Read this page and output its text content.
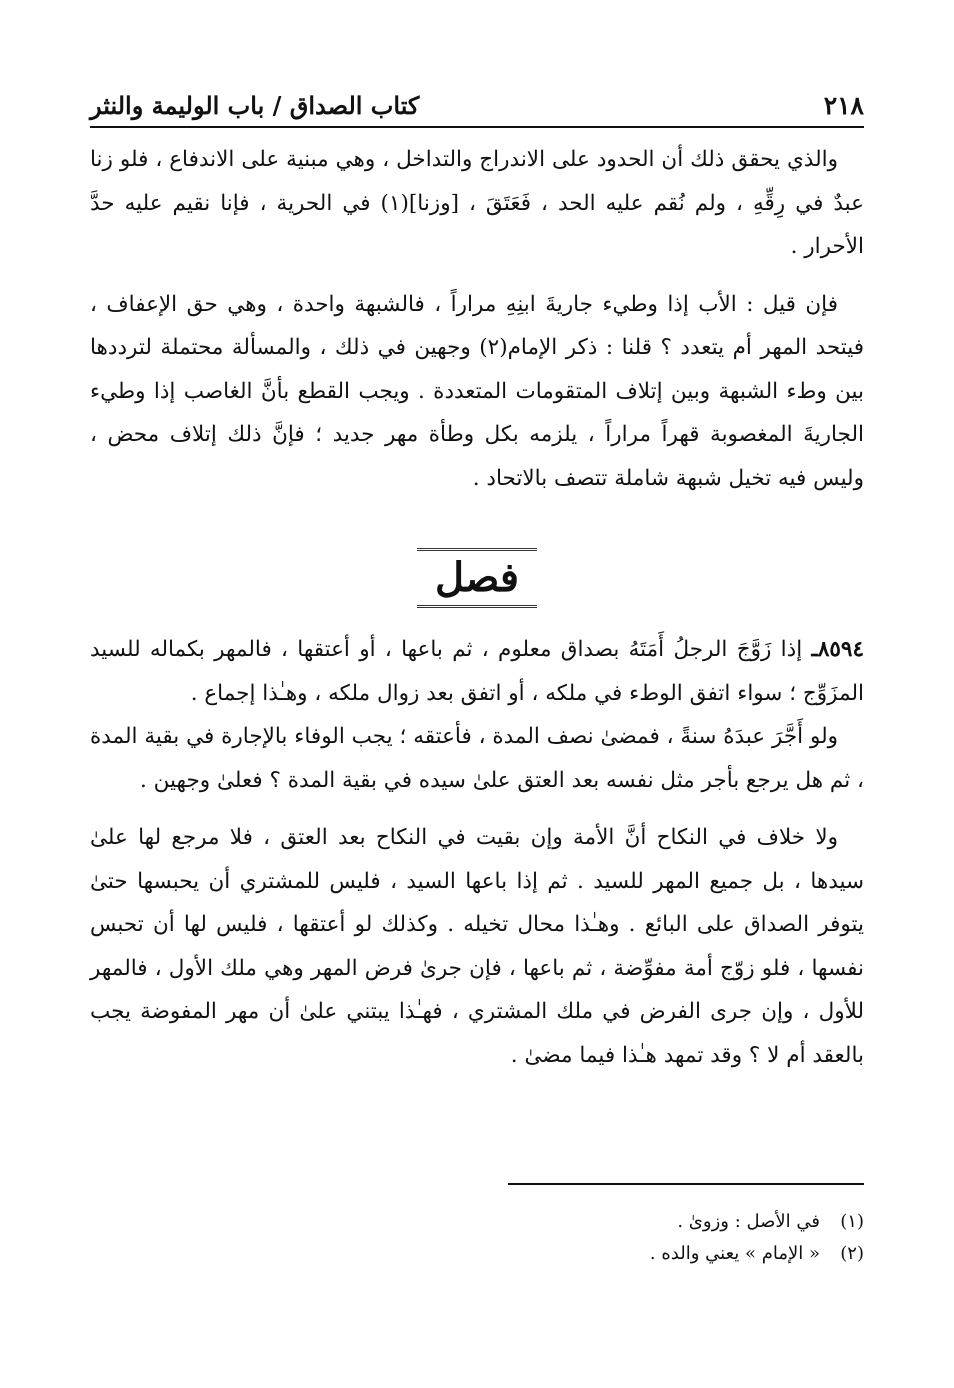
٢١٨
كتاب الصداق / باب الوليمة والنثر

والذي يحقق ذلك أن الحدود على الاندراج والتداخل ، وهي مبنية على الاندفاع ، فلو زنا عبدٌ في رِقِّهِ ، ولم نُقم عليه الحد ، فَعَتَقَ ، [وزنا](١) في الحرية ، فإنا نقيم عليه حدَّ الأحرار .

فإن قيل : الأب إذا وطيء جاريةَ ابنِهِ مراراً ، فالشبهة واحدة ، وهي حق الإعفاف ، فيتحد المهر أم يتعدد ؟ قلنا : ذكر الإمام(٢) وجهين في ذلك ، والمسألة محتملة لترددها بين وطء الشبهة وبين إتلاف المتقومات المتعددة . ويجب القطع بأنَّ الغاصب إذا وطيء الجاريةَ المغصوبة قهراً مراراً ، يلزمه بكل وطأة مهر جديد ؛ فإنَّ ذلك إتلاف محض ، وليس فيه تخيل شبهة شاملة تتصف بالاتحاد .

فصل

٨٥٩٤ـ إذا زَوَّجَ الرجلُ أَمَتَهُ بصداق معلوم ، ثم باعها ، أو أعتقها ، فالمهر بكماله للسيد المزَوِّج ؛ سواء اتفق الوطء في ملكه ، أو اتفق بعد زوال ملكه ، وهـٰذا إجماع .

ولو أَجَّرَ عبدَهُ سنةً ، فمضىٰ نصف المدة ، فأعتقه ؛ يجب الوفاء بالإجارة في بقية المدة ، ثم هل يرجع بأجر مثل نفسه بعد العتق علىٰ سيده في بقية المدة ؟ فعلىٰ وجهين .

ولا خلاف في النكاح أنَّ الأمة وإن بقيت في النكاح بعد العتق ، فلا مرجع لها علىٰ سيدها ، بل جميع المهر للسيد . ثم إذا باعها السيد ، فليس للمشتري أن يحبسها حتىٰ يتوفر الصداق على البائع . وهـٰذا محال تخيله . وكذلك لو أعتقها ، فليس لها أن تحبس نفسها ، فلو زوّج أمة مفوِّضة ، ثم باعها ، فإن جرىٰ فرض المهر وهي ملك الأول ، فالمهر للأول ، وإن جرى الفرض في ملك المشتري ، فهـٰذا يبتني علىٰ أن مهر المفوضة يجب بالعقد أم لا ؟ وقد تمهد هـٰذا فيما مضىٰ .

(١)
في الأصل : وزوىٰ .
(٢)
« الإمام » يعني والده .
